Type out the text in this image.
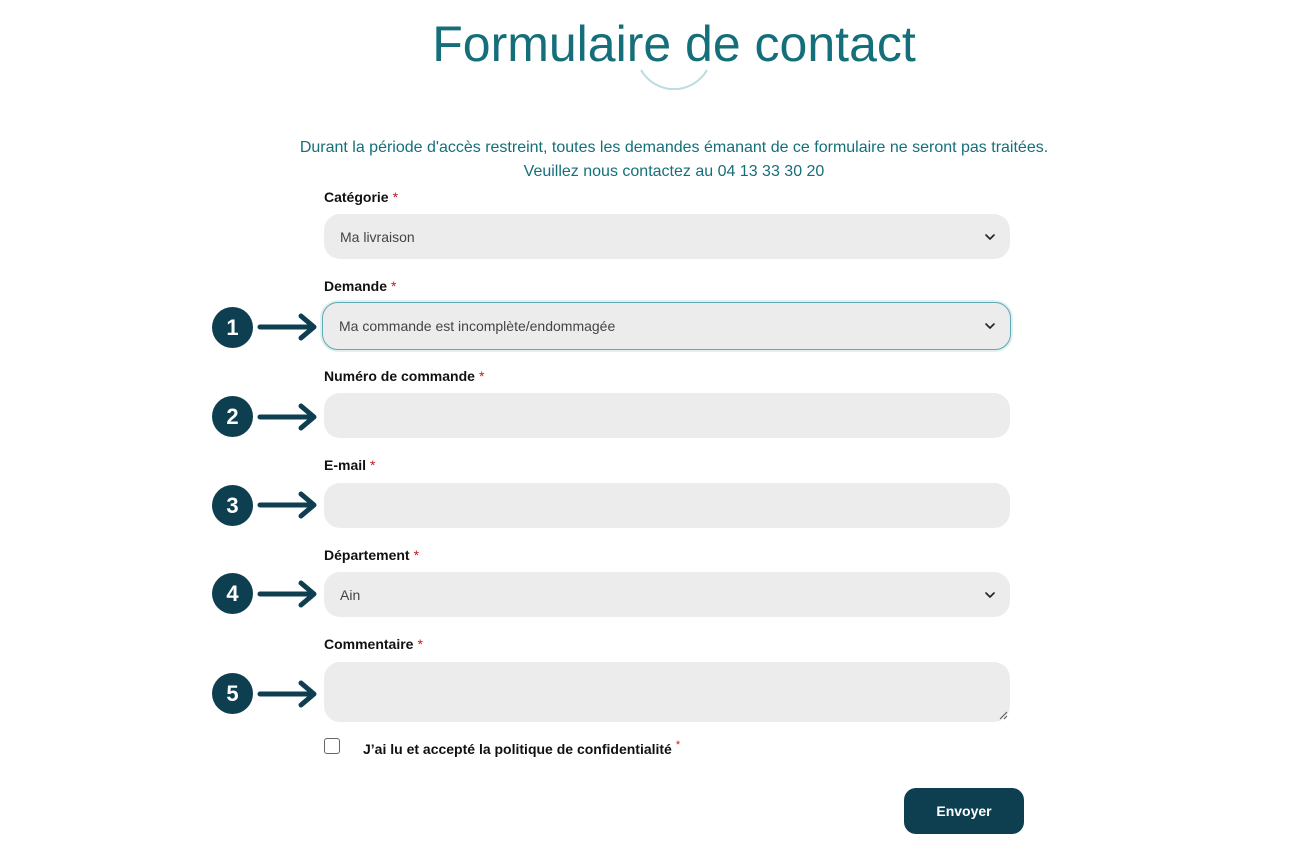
Formulaire de contact
Durant la période d'accès restreint, toutes les demandes émanant de ce formulaire ne seront pas traitées.
Veuillez nous contactez au 04 13 33 30 20
Catégorie *
Ma livraison
Demande *
1	Ma commande est incomplète/endommagée
Numéro de commande *
2
E-mail *
3
Département *
4	Ain
Commentaire *
5
J’ai lu et accepté la politique de confidentialité *
Envoyer
